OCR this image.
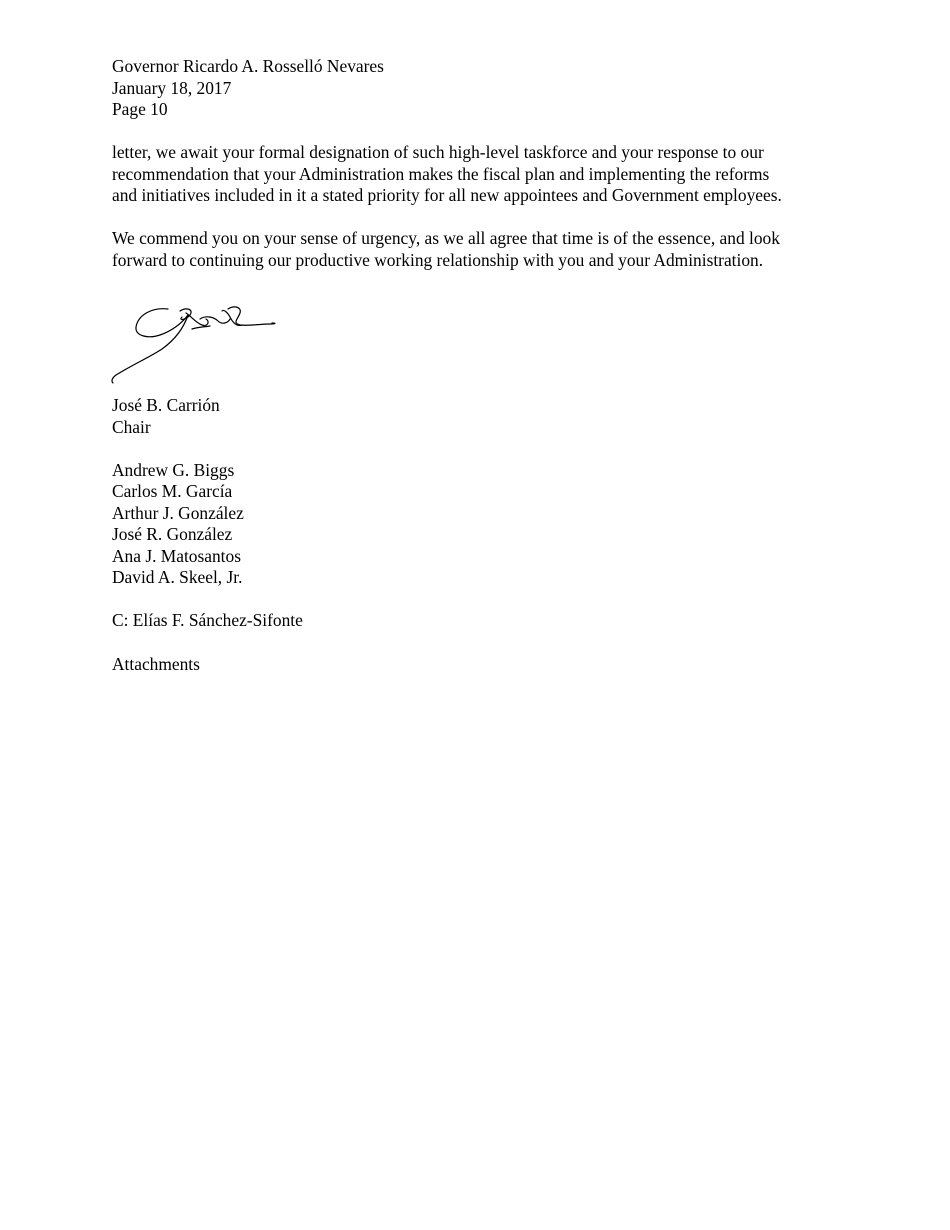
Governor Ricardo A. Rosselló Nevares
January 18, 2017
Page 10
letter, we await your formal designation of such high-level taskforce and your response to our
recommendation that your Administration makes the fiscal plan and implementing the reforms
and initiatives included in it a stated priority for all new appointees and Government employees.
We commend you on your sense of urgency, as we all agree that time is of the essence, and look
forward to continuing our productive working relationship with you and your Administration.
José B. Carrión
Chair
Andrew G. Biggs
Carlos M. García
Arthur J. González
José R. González
Ana J. Matosantos
David A. Skeel, Jr.
C: Elías F. Sánchez-Sifonte
Attachments
